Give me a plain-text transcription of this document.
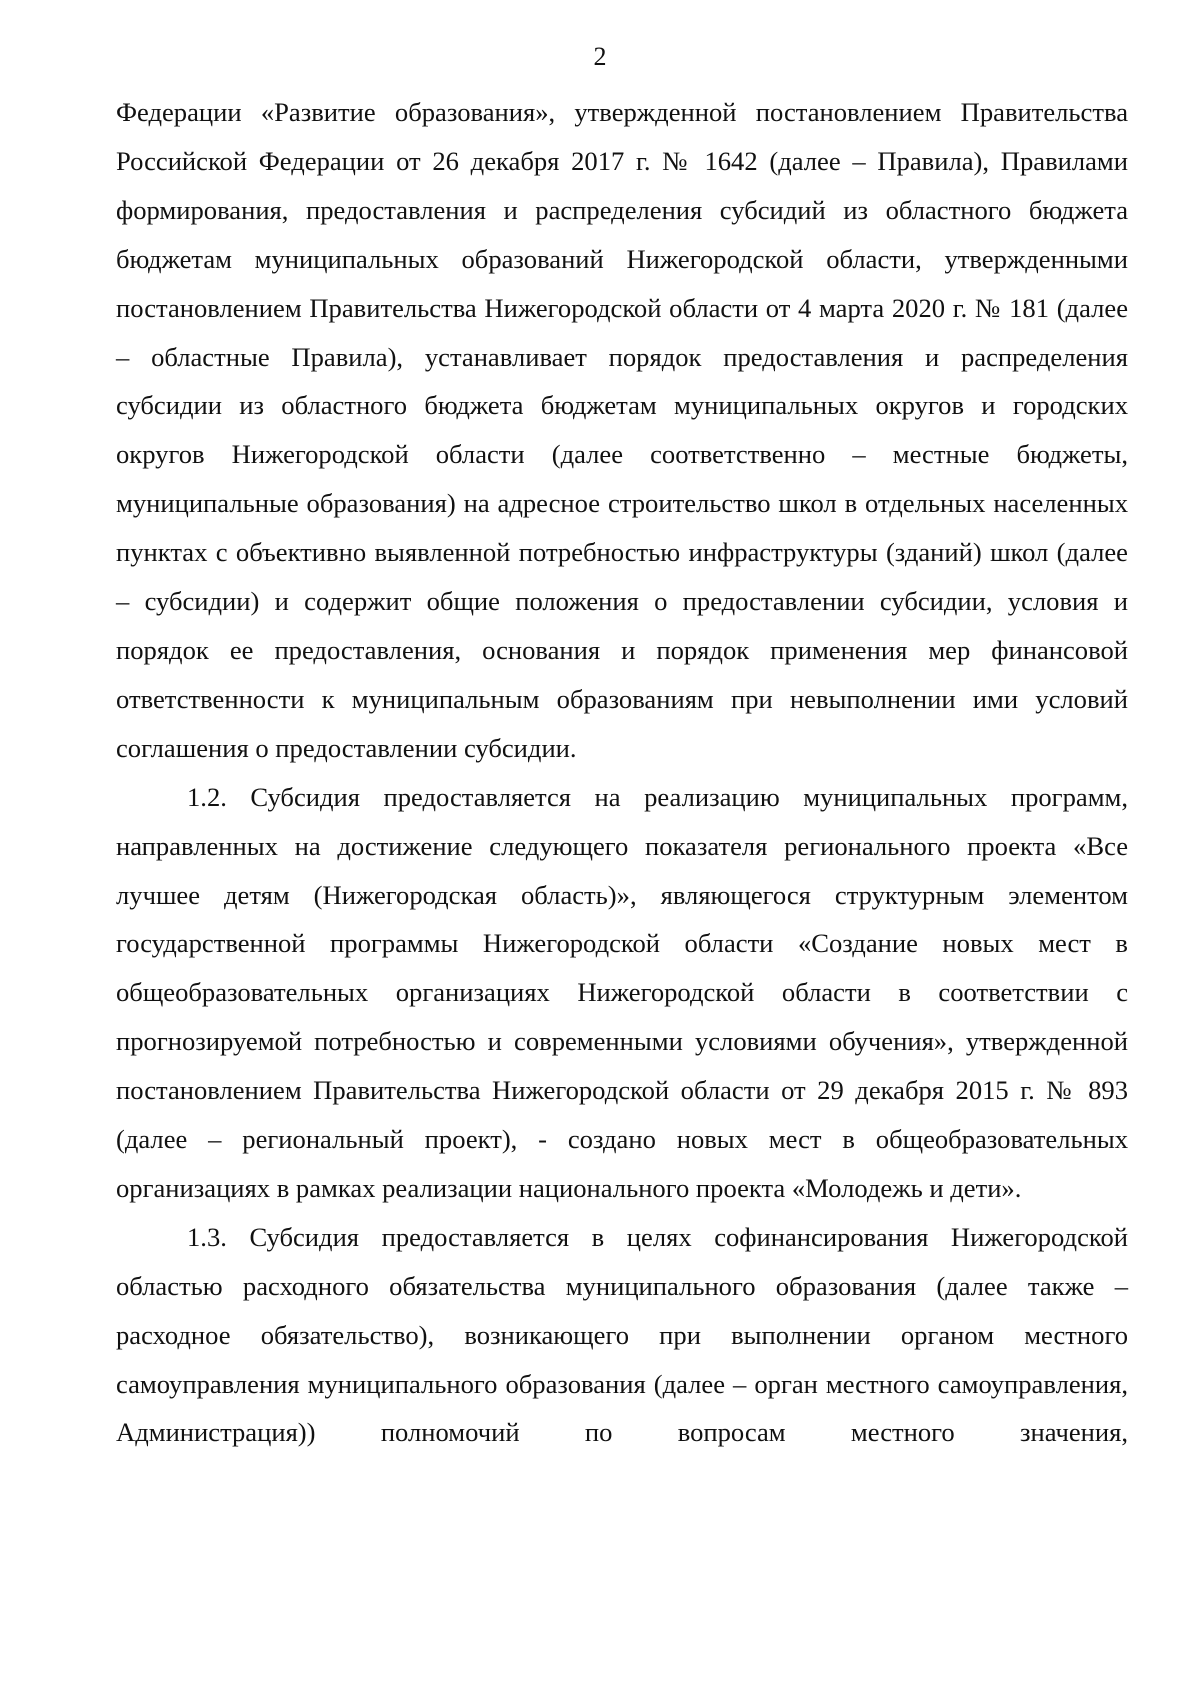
2

Федерации «Развитие образования», утвержденной постановлением Правительства Российской Федерации от 26 декабря 2017 г. № 1642 (далее – Правила), Правилами формирования, предоставления и распределения субсидий из областного бюджета бюджетам муниципальных образований Нижегородской области, утвержденными постановлением Правительства Нижегородской области от 4 марта 2020 г. № 181 (далее – областные Правила), устанавливает порядок предоставления и распределения субсидии из областного бюджета бюджетам муниципальных округов и городских округов Нижегородской области (далее соответственно – местные бюджеты, муниципальные образования) на адресное строительство школ в отдельных населенных пунктах с объективно выявленной потребностью инфраструктуры (зданий) школ (далее – субсидии) и содержит общие положения о предоставлении субсидии, условия и порядок ее предоставления, основания и порядок применения мер финансовой ответственности к муниципальным образованиям при невыполнении ими условий соглашения о предоставлении субсидии.

1.2. Субсидия предоставляется на реализацию муниципальных программ, направленных на достижение следующего показателя регионального проекта «Все лучшее детям (Нижегородская область)», являющегося структурным элементом государственной программы Нижегородской области «Создание новых мест в общеобразовательных организациях Нижегородской области в соответствии с прогнозируемой потребностью и современными условиями обучения», утвержденной постановлением Правительства Нижегородской области от 29 декабря 2015 г. № 893 (далее – региональный проект), - создано новых мест в общеобразовательных организациях в рамках реализации национального проекта «Молодежь и дети».

1.3. Субсидия предоставляется в целях софинансирования Нижегородской областью расходного обязательства муниципального образования (далее также – расходное обязательство), возникающего при выполнении органом местного самоуправления муниципального образования (далее – орган местного самоуправления, Администрация)) полномочий по вопросам местного значения,
